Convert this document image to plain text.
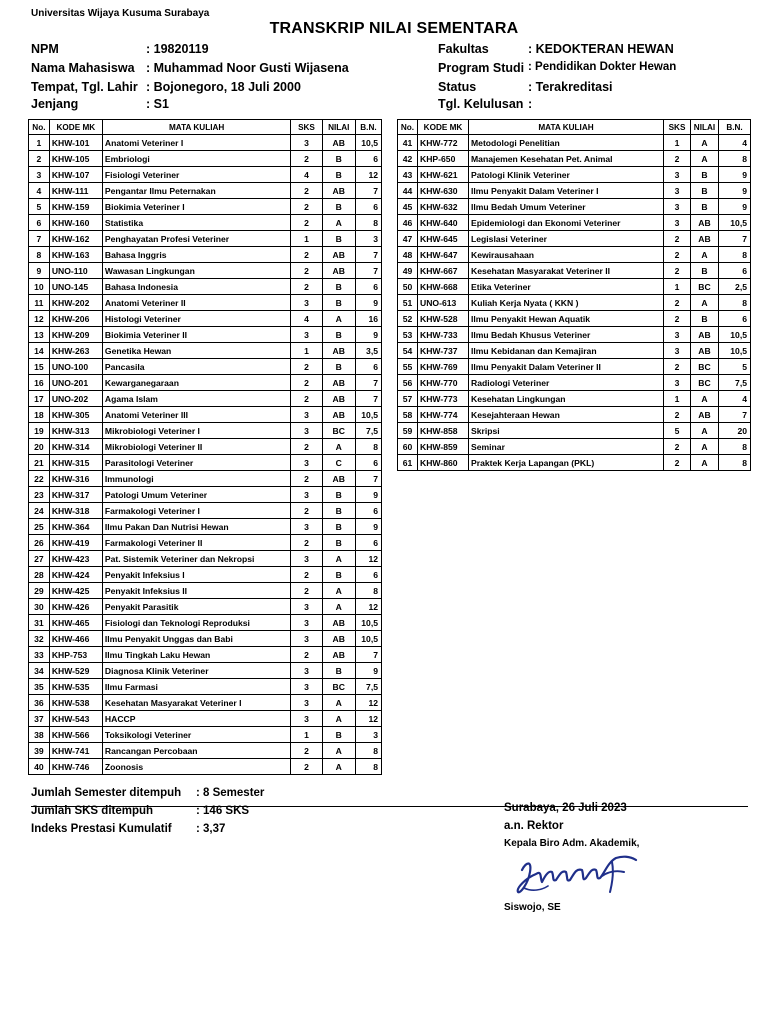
Universitas Wijaya Kusuma Surabaya
TRANSKRIP NILAI SEMENTARA
NPM	: 19820119
Nama Mahasiswa : Muhammad Noor Gusti Wijasena
Tempat, Tgl. Lahir : Bojonegoro, 18 Juli 2000
Jenjang	: S1
Fakultas	: KEDOKTERAN HEWAN
Program Studi : Pendidikan Dokter Hewan
Status	: Terakreditasi
Tgl. Kelulusan :
No.	KODE MK	MATA KULIAH	SKS	NILAI	B.N.
1	KHW-101	Anatomi Veteriner I	3	AB	10,5
2	KHW-105	Embriologi	2	B	6
3	KHW-107	Fisiologi Veteriner	4	B	12
4	KHW-111	Pengantar Ilmu Peternakan	2	AB	7
5	KHW-159	Biokimia Veteriner I	2	B	6
6	KHW-160	Statistika	2	A	8
7	KHW-162	Penghayatan Profesi Veteriner	1	B	3
8	KHW-163	Bahasa Inggris	2	AB	7
9	UNO-110	Wawasan Lingkungan	2	AB	7
10	UNO-145	Bahasa Indonesia	2	B	6
11	KHW-202	Anatomi Veteriner II	3	B	9
12	KHW-206	Histologi Veteriner	4	A	16
13	KHW-209	Biokimia Veteriner II	3	B	9
14	KHW-263	Genetika Hewan	1	AB	3,5
15	UNO-100	Pancasila	2	B	6
16	UNO-201	Kewarganegaraan	2	AB	7
17	UNO-202	Agama Islam	2	AB	7
18	KHW-305	Anatomi Veteriner III	3	AB	10,5
19	KHW-313	Mikrobiologi Veteriner I	3	BC	7,5
20	KHW-314	Mikrobiologi Veteriner II	2	A	8
21	KHW-315	Parasitologi Veteriner	3	C	6
22	KHW-316	Immunologi	2	AB	7
23	KHW-317	Patologi Umum Veteriner	3	B	9
24	KHW-318	Farmakologi Veteriner I	2	B	6
25	KHW-364	Ilmu Pakan Dan Nutrisi Hewan	3	B	9
26	KHW-419	Farmakologi Veteriner II	2	B	6
27	KHW-423	Pat. Sistemik Veteriner dan Nekropsi	3	A	12
28	KHW-424	Penyakit Infeksius I	2	B	6
29	KHW-425	Penyakit Infeksius II	2	A	8
30	KHW-426	Penyakit Parasitik	3	A	12
31	KHW-465	Fisiologi dan Teknologi Reproduksi	3	AB	10,5
32	KHW-466	Ilmu Penyakit Unggas dan Babi	3	AB	10,5
33	KHP-753	Ilmu Tingkah Laku Hewan	2	AB	7
34	KHW-529	Diagnosa Klinik Veteriner	3	B	9
35	KHW-535	Ilmu Farmasi	3	BC	7,5
36	KHW-538	Kesehatan Masyarakat Veteriner I	3	A	12
37	KHW-543	HACCP	3	A	12
38	KHW-566	Toksikologi Veteriner	1	B	3
39	KHW-741	Rancangan Percobaan	2	A	8
40	KHW-746	Zoonosis	2	A	8
No.	KODE MK	MATA KULIAH	SKS	NILAI	B.N.
41	KHW-772	Metodologi Penelitian	1	A	4
42	KHP-650	Manajemen Kesehatan Pet. Animal	2	A	8
43	KHW-621	Patologi Klinik Veteriner	3	B	9
44	KHW-630	Ilmu Penyakit Dalam Veteriner I	3	B	9
45	KHW-632	Ilmu Bedah Umum Veteriner	3	B	9
46	KHW-640	Epidemiologi dan Ekonomi Veteriner	3	AB	10,5
47	KHW-645	Legislasi Veteriner	2	AB	7
48	KHW-647	Kewirausahaan	2	A	8
49	KHW-667	Kesehatan Masyarakat Veteriner II	2	B	6
50	KHW-668	Etika Veteriner	1	BC	2,5
51	UNO-613	Kuliah Kerja Nyata ( KKN )	2	A	8
52	KHW-528	Ilmu Penyakit Hewan Aquatik	2	B	6
53	KHW-733	Ilmu Bedah Khusus Veteriner	3	AB	10,5
54	KHW-737	Ilmu Kebidanan dan Kemajiran	3	AB	10,5
55	KHW-769	Ilmu Penyakit Dalam Veteriner II	2	BC	5
56	KHW-770	Radiologi Veteriner	3	BC	7,5
57	KHW-773	Kesehatan Lingkungan	1	A	4
58	KHW-774	Kesejahteraan Hewan	2	AB	7
59	KHW-858	Skripsi	5	A	20
60	KHW-859	Seminar	2	A	8
61	KHW-860	Praktek Kerja Lapangan (PKL)	2	A	8
Jumlah Semester ditempuh : 8 Semester
Jumlah SKS ditempuh	: 146 SKS
Indeks Prestasi Kumulatif : 3,37
Surabaya, 26 Juli 2023
a.n. Rektor
Kepala Biro Adm. Akademik,
Siswojo, SE
